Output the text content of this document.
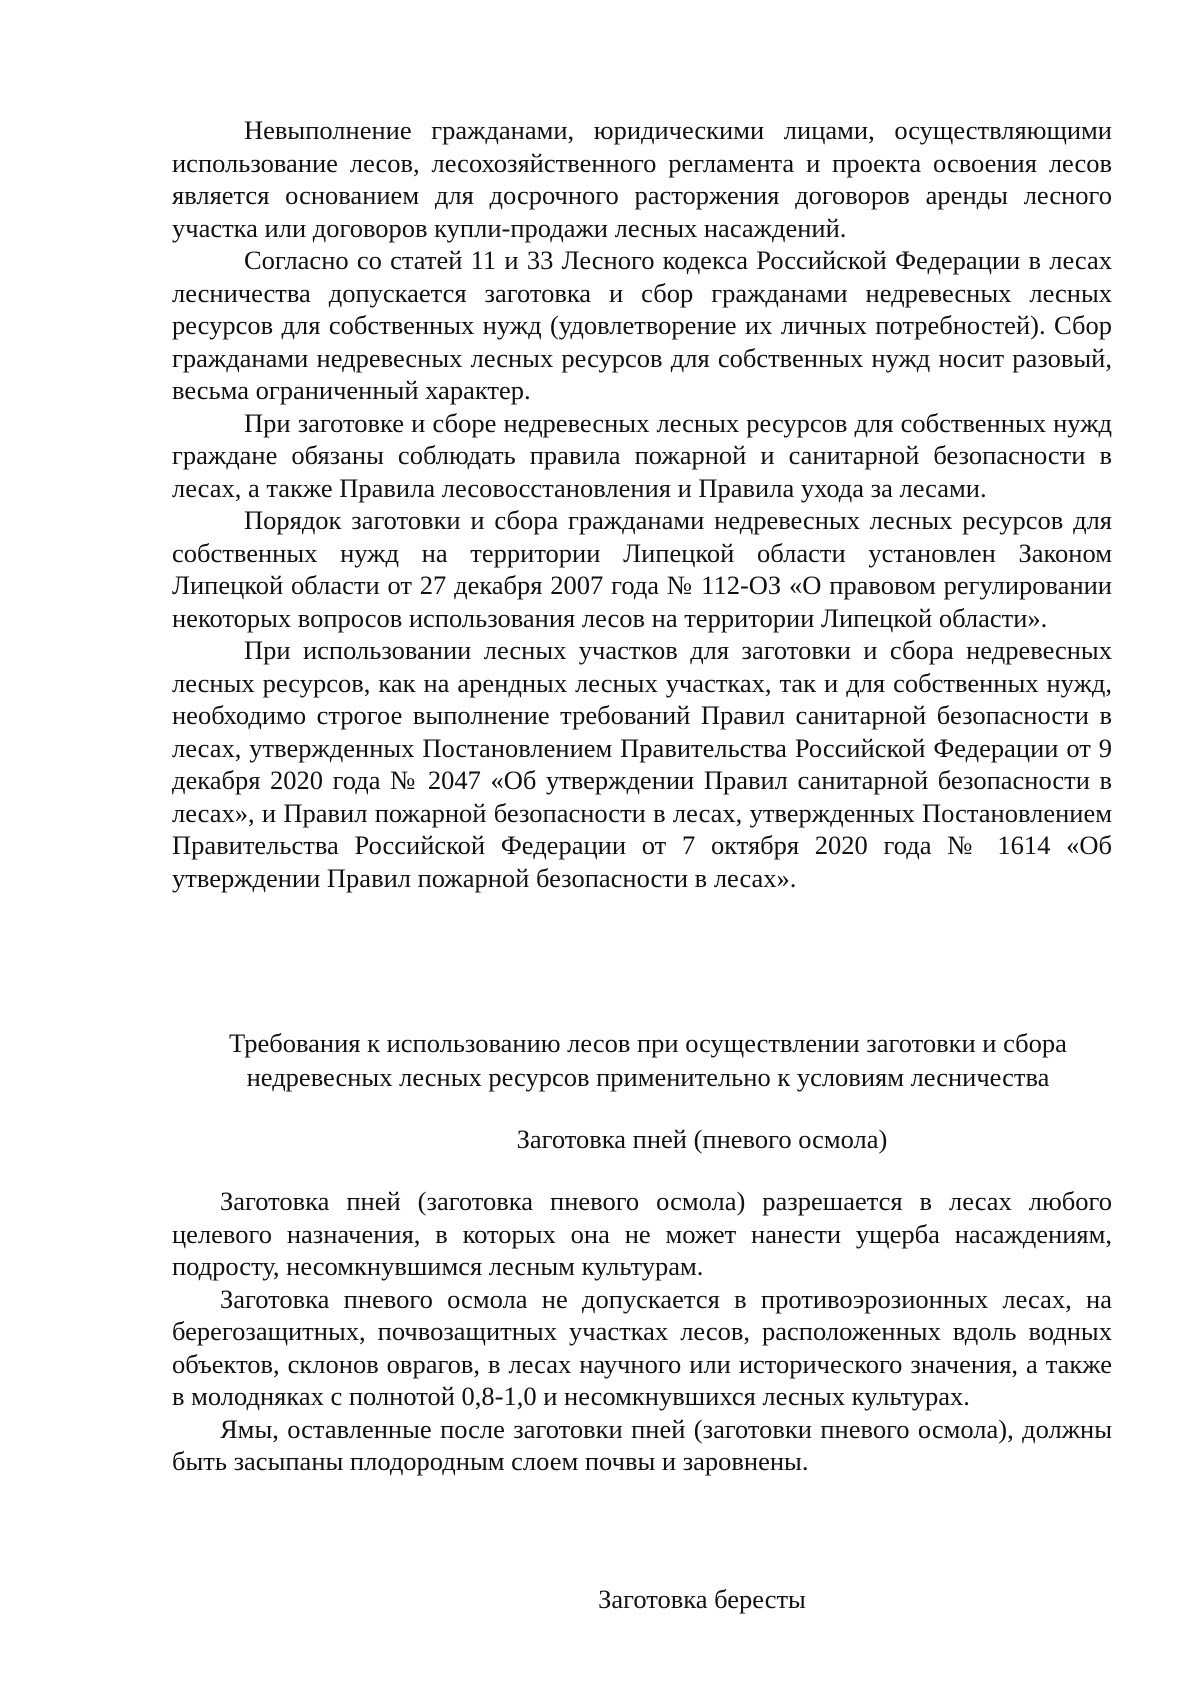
Невыполнение гражданами, юридическими лицами, осуществляющими использование лесов, лесохозяйственного регламента и проекта освоения лесов является основанием для досрочного расторжения договоров аренды лесного участка или договоров купли-продажи лесных насаждений.

Согласно со статей 11 и 33 Лесного кодекса Российской Федерации в лесах лесничества допускается заготовка и сбор гражданами недревесных лесных ресурсов для собственных нужд (удовлетворение их личных потребностей). Сбор гражданами недревесных лесных ресурсов для собственных нужд носит разовый, весьма ограниченный характер.

При заготовке и сборе недревесных лесных ресурсов для собственных нужд граждане обязаны соблюдать правила пожарной и санитарной безопасности в лесах, а также Правила лесовосстановления и Правила ухода за лесами.

Порядок заготовки и сбора гражданами недревесных лесных ресурсов для собственных нужд на территории Липецкой области установлен Законом Липецкой области от 27 декабря 2007 года № 112-ОЗ «О правовом регулировании некоторых вопросов использования лесов на территории Липецкой области».

При использовании лесных участков для заготовки и сбора недревесных лесных ресурсов, как на арендных лесных участках, так и для собственных нужд, необходимо строгое выполнение требований Правил санитарной безопасности в лесах, утвержденных Постановлением Правительства Российской Федерации от 9 декабря 2020 года № 2047 «Об утверждении Правил санитарной безопасности в лесах», и Правил пожарной безопасности в лесах, утвержденных Постановлением Правительства Российской Федерации от 7 октября 2020 года № 1614 «Об утверждении Правил пожарной безопасности в лесах».

Требования к использованию лесов при осуществлении заготовки и сбора недревесных лесных ресурсов применительно к условиям лесничества
Заготовка пней (пневого осмола)

Заготовка пней (заготовка пневого осмола) разрешается в лесах любого целевого назначения, в которых она не может нанести ущерба насаждениям, подросту, несомкнувшимся лесным культурам.

Заготовка пневого осмола не допускается в противоэрозионных лесах, на берегозащитных, почвозащитных участках лесов, расположенных вдоль водных объектов, склонов оврагов, в лесах научного или исторического значения, а также в молодняках с полнотой 0,8-1,0 и несомкнувшихся лесных культурах.

Ямы, оставленные после заготовки пней (заготовки пневого осмола), должны быть засыпаны плодородным слоем почвы и заровнены.

Заготовка бересты
